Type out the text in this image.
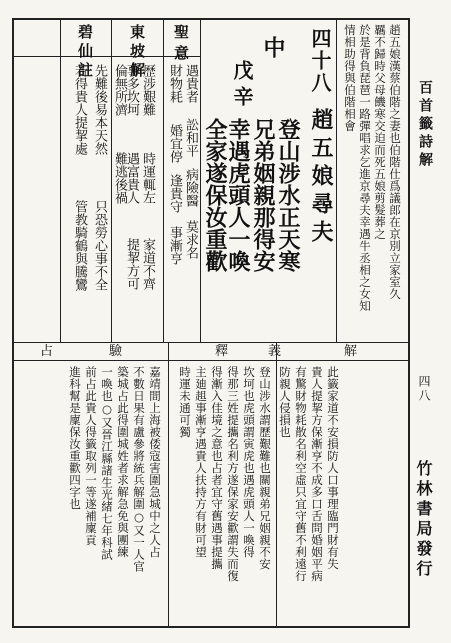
百首籤詩解
四八
竹林書局發行
趙五娘漢蔡伯階之妻也伯階仕爲議郎在京別立家室久
羈不歸時父母饑寒交迫而死五娘剪髮葬之
於是背負琵琶一路彈唱求乞進京尋夫幸遇牛丞相之女知
情相助得與伯階相會
四十八
趙五娘尋夫
登山涉水正天寒
兄弟姻親那得安
幸遇虎頭人一喚
全家遂保汝重歡
中
戊辛
聖意
遇貴者
訟和平
病險醫
莫求名
財物耗
婚宜停
逢貴守
事漸亨
東坡解
歷涉艱難
時運輒左
家道不齊
事多坎坷
遇富貴人
提挈方可
倫無所濟
難逃後禍
碧仙註
先難後易本天然
只恐勞心事不全
若得貴人提挈處
管教騎鶴與騰鸞
解
釋義
占驗
此籤家道不安損防人口事理臨門財有失
貴人提挈方保漸亨不成多口舌問婚姻平病
有驚財物耗散名利空虛只宜守舊不利遠行
防親人侵損也
登山涉水謂歷艱難也關親弟兄姻親不安
坎坷也虎頭謂寅虎也遇虎頭人一喚得
得那三姓提攜名利方遂保家安歡謂失而復
得漸入佳境之意也占者宜守舊遇事提攜
主廸趄事漸亨遇貴人扶持方有財可望
時運未通可獨
嘉靖間上海被倭寇害圍急城中之人占
不數日果有盧參將統兵解圍○又一人官
築城占此得圍城姓者求解急免與團練
一喚也○又晉江縣諸生光緒七年科試
前占此貴人得籤取列一等遂補廩貢
進科幫是廩保汝重歡四字也
